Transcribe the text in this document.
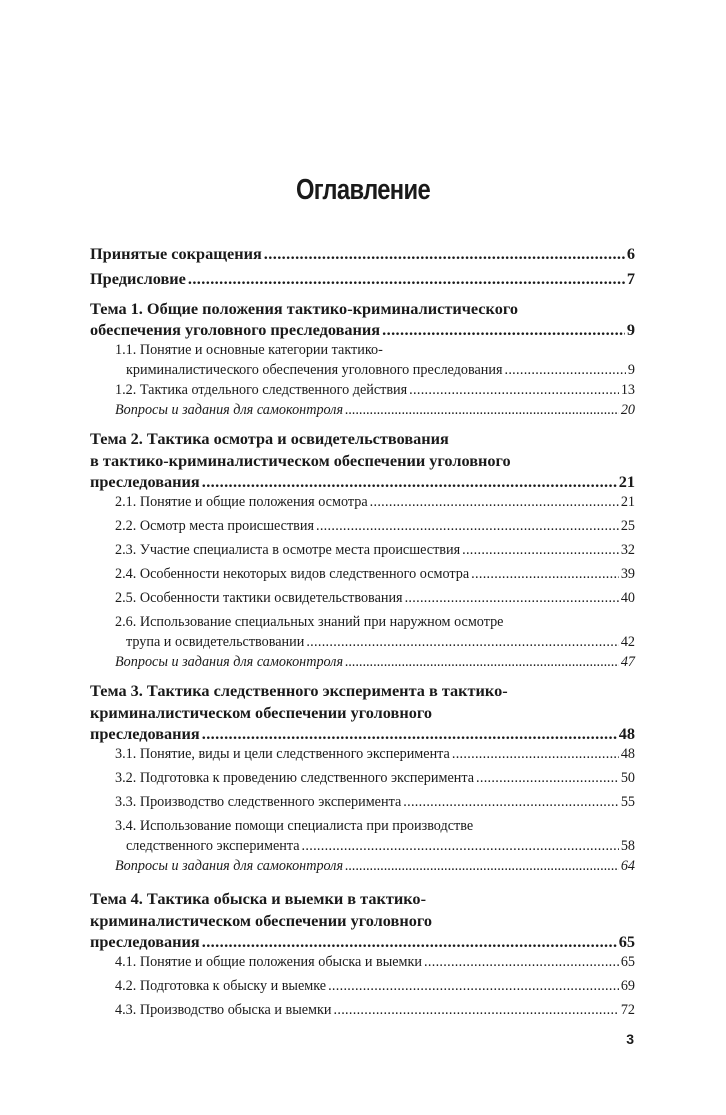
Оглавление
Принятые сокращения .....	6
Предисловие .....	7
Тема 1. Общие положения тактико-криминалистического
обеспечения уголовного преследования .....	9
1.1. Понятие и основные категории тактико-
криминалистического обеспечения уголовного преследования .....	9
1.2. Тактика отдельного следственного действия .....	13
Вопросы и задания для самоконтроля .....	20
Тема 2. Тактика осмотра и освидетельствования
в тактико-криминалистическом обеспечении уголовного
преследования .....	21
2.1. Понятие и общие положения осмотра .....	21
2.2. Осмотр места происшествия .....	25
2.3. Участие специалиста в осмотре места происшествия .....	32
2.4. Особенности некоторых видов следственного осмотра .....	39
2.5. Особенности тактики освидетельствования .....	40
2.6. Использование специальных знаний при наружном осмотре
трупа и освидетельствовании .....	42
Вопросы и задания для самоконтроля .....	47
Тема 3. Тактика следственного эксперимента в тактико-
криминалистическом обеспечении уголовного
преследования .....	48
3.1. Понятие, виды и цели следственного эксперимента .....	48
3.2. Подготовка к проведению следственного эксперимента .....	50
3.3. Производство следственного эксперимента .....	55
3.4. Использование помощи специалиста при производстве
следственного эксперимента .....	58
Вопросы и задания для самоконтроля .....	64
Тема 4. Тактика обыска и выемки в тактико-
криминалистическом обеспечении уголовного
преследования .....	65
4.1. Понятие и общие положения обыска и выемки .....	65
4.2. Подготовка к обыску и выемке .....	69
4.3. Производство обыска и выемки .....	72
3
